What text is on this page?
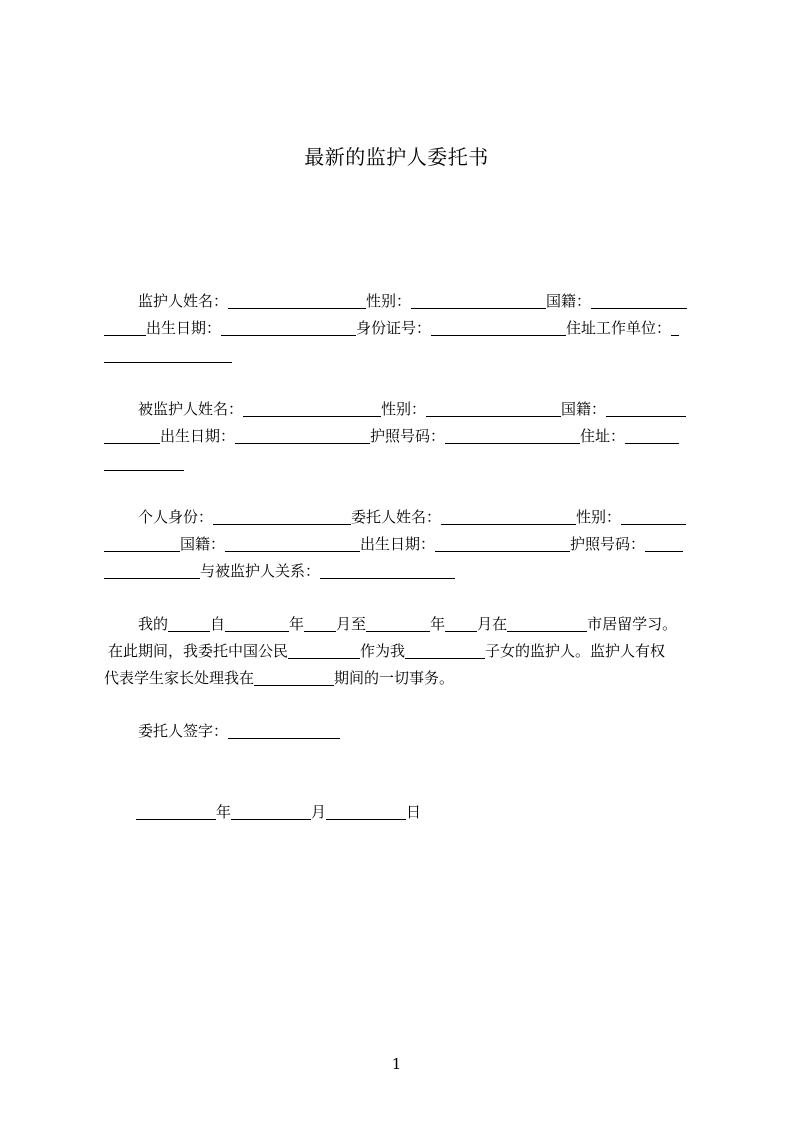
最新的监护人委托书
监护人姓名：	性别：	国籍：
出生日期：	身份证号：	住址工作单位：
被监护人姓名：	性别：	国籍：
出生日期：	护照号码：	住址：
个人身份：	委托人姓名：	性别：
国籍：	出生日期：	护照号码：
与被监护人关系：
我的	自	年 月至	年 月在	市居留学习。
在此期间，我委托中国公民	作为我	子女的监护人。监护人有权
代表学生家长处理我在	期间的一切事务。
委托人签字：
年	月	日
1
